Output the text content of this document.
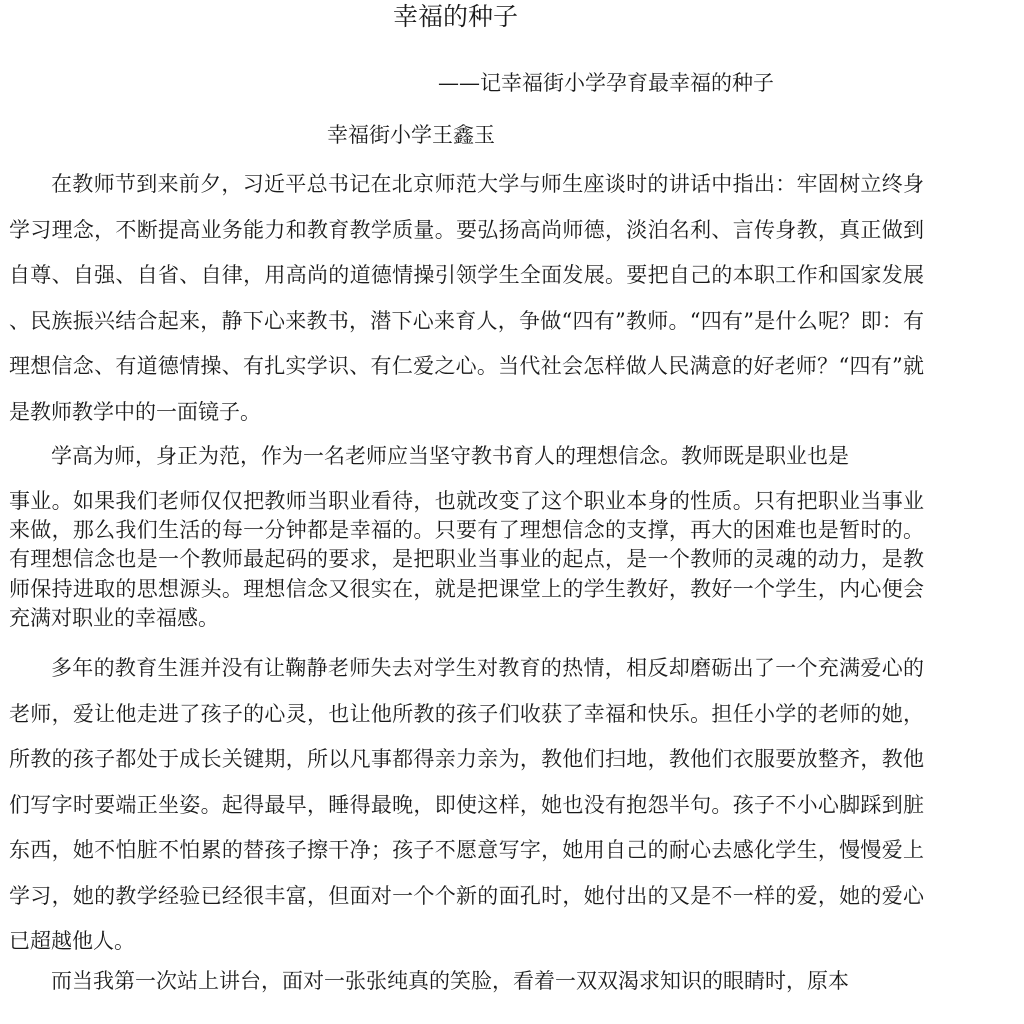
幸福的种子
——记幸福街小学孕育最幸福的种子
幸福街小学王鑫玉

在教师节到来前夕，习近平总书记在北京师范大学与师生座谈时的讲话中指出：牢固树立终身学习理念，不断提高业务能力和教育教学质量。要弘扬高尚师德，淡泊名利、言传身教，真正做到自尊、自强、自省、自律，用高尚的道德情操引领学生全面发展。要把自己的本职工作和国家发展、民族振兴结合起来，静下心来教书，潜下心来育人，争做“四有”教师。“四有”是什么呢？即：有理想信念、有道德情操、有扎实学识、有仁爱之心。当代社会怎样做人民满意的好老师？“四有”就是教师教学中的一面镜子。

学高为师，身正为范，作为一名老师应当坚守教书育人的理想信念。教师既是职业也是

事业。如果我们老师仅仅把教师当职业看待，也就改变了这个职业本身的性质。只有把职业当事业来做，那么我们生活的每一分钟都是幸福的。只要有了理想信念的支撑，再大的困难也是暂时的。有理想信念也是一个教师最起码的要求，是把职业当事业的起点，是一个教师的灵魂的动力，是教师保持进取的思想源头。理想信念又很实在，就是把课堂上的学生教好，教好一个学生，内心便会充满对职业的幸福感。

多年的教育生涯并没有让鞠静老师失去对学生对教育的热情，相反却磨砺出了一个充满爱心的老师，爱让他走进了孩子的心灵，也让他所教的孩子们收获了幸福和快乐。担任小学的老师的她，所教的孩子都处于成长关键期，所以凡事都得亲力亲为，教他们扫地，教他们衣服要放整齐，教他们写字时要端正坐姿。起得最早，睡得最晚，即使这样，她也没有抱怨半句。孩子不小心脚踩到脏东西，她不怕脏不怕累的替孩子擦干净；孩子不愿意写字，她用自己的耐心去感化学生，慢慢爱上学习，她的教学经验已经很丰富，但面对一个个新的面孔时，她付出的又是不一样的爱，她的爱心已超越他人。

而当我第一次站上讲台，面对一张张纯真的笑脸，看着一双双渴求知识的眼睛时，原本
